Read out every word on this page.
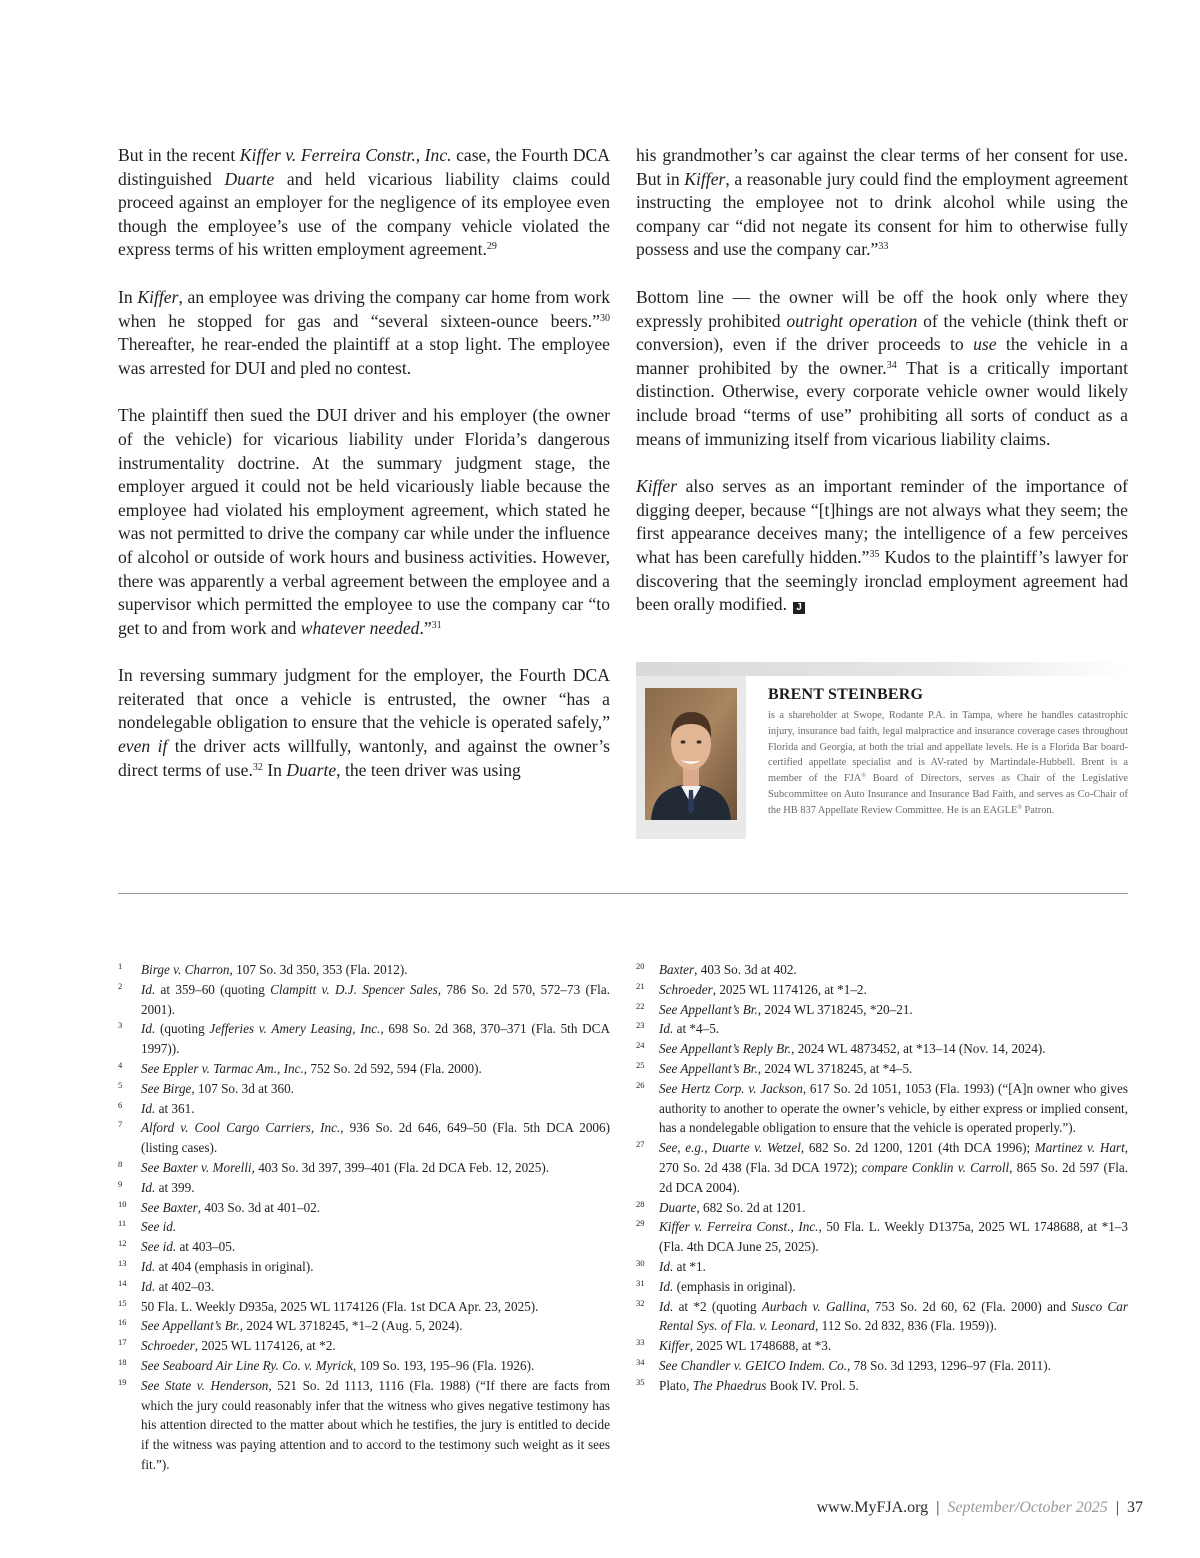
But in the recent Kiffer v. Ferreira Constr., Inc. case, the Fourth DCA distinguished Duarte and held vicarious liability claims could proceed against an employer for the negligence of its employee even though the employee’s use of the company vehicle violated the express terms of his written employment agreement.$^{29}$

In Kiffer, an employee was driving the company car home from work when he stopped for gas and “several sixteen-ounce beers.”$^{30}$ Thereafter, he rear-ended the plaintiff at a stop light. The employee was arrested for DUI and pled no contest.

The plaintiff then sued the DUI driver and his employer (the owner of the vehicle) for vicarious liability under Florida’s dangerous instrumentality doctrine. At the summary judgment stage, the employer argued it could not be held vicariously liable because the employee had violated his employment agreement, which stated he was not permitted to drive the company car while under the influence of alcohol or outside of work hours and business activities. However, there was apparently a verbal agreement between the employee and a supervisor which permitted the employee to use the company car “to get to and from work and whatever needed.”$^{31}$

In reversing summary judgment for the employer, the Fourth DCA reiterated that once a vehicle is entrusted, the owner “has a nondelegable obligation to ensure that the vehicle is operated safely,” even if the driver acts willfully, wantonly, and against the owner’s direct terms of use.$^{32}$ In Duarte, the teen driver was using

his grandmother’s car against the clear terms of her consent for use. But in Kiffer, a reasonable jury could find the employment agreement instructing the employee not to drink alcohol while using the company car “did not negate its consent for him to otherwise fully possess and use the company car.”$^{33}$

Bottom line — the owner will be off the hook only where they expressly prohibited outright operation of the vehicle (think theft or conversion), even if the driver proceeds to use the vehicle in a manner prohibited by the owner.$^{34}$ That is a critically important distinction. Otherwise, every corporate vehicle owner would likely include broad “terms of use” prohibiting all sorts of conduct as a means of immunizing itself from vicarious liability claims.

Kiffer also serves as an important reminder of the importance of digging deeper, because “[t]hings are not always what they seem; the first appearance deceives many; the intelligence of a few perceives what has been carefully hidden.”$^{35}$ Kudos to the plaintiff’s lawyer for discovering that the seemingly ironclad employment agreement had been orally modified. J

BRENT STEINBERG

is a shareholder at Swope, Rodante P.A. in Tampa, where he handles catastrophic injury, insurance bad faith, legal malpractice and insurance coverage cases throughout Florida and Georgia, at both the trial and appellate levels. He is a Florida Bar board-certified appellate specialist and is AV-rated by Martindale-Hubbell. Brent is a member of the FJA® Board of Directors, serves as Chair of the Legislative Subcommittee on Auto Insurance and Insurance Bad Faith, and serves as Co-Chair of the HB 837 Appellate Review Committee. He is an EAGLE® Patron.

1 Birge v. Charron, 107 So. 3d 350, 353 (Fla. 2012).
2 Id. at 359–60 (quoting Clampitt v. D.J. Spencer Sales, 786 So. 2d 570, 572–73 (Fla. 2001).
3 Id. (quoting Jefferies v. Amery Leasing, Inc., 698 So. 2d 368, 370–371 (Fla. 5th DCA 1997)).
4 See Eppler v. Tarmac Am., Inc., 752 So. 2d 592, 594 (Fla. 2000).
5 See Birge, 107 So. 3d at 360.
6 Id. at 361.
7 Alford v. Cool Cargo Carriers, Inc., 936 So. 2d 646, 649–50 (Fla. 5th DCA 2006) (listing cases).
8 See Baxter v. Morelli, 403 So. 3d 397, 399–401 (Fla. 2d DCA Feb. 12, 2025).
9 Id. at 399.
10 See Baxter, 403 So. 3d at 401–02.
11 See id.
12 See id. at 403–05.
13 Id. at 404 (emphasis in original).
14 Id. at 402–03.
15 50 Fla. L. Weekly D935a, 2025 WL 1174126 (Fla. 1st DCA Apr. 23, 2025).
16 See Appellant’s Br., 2024 WL 3718245, *1–2 (Aug. 5, 2024).
17 Schroeder, 2025 WL 1174126, at *2.
18 See Seaboard Air Line Ry. Co. v. Myrick, 109 So. 193, 195–96 (Fla. 1926).
19 See State v. Henderson, 521 So. 2d 1113, 1116 (Fla. 1988) (“If there are facts from which the jury could reasonably infer that the witness who gives negative testimony has his attention directed to the matter about which he testifies, the jury is entitled to decide if the witness was paying attention and to accord to the testimony such weight as it sees fit.”).
20 Baxter, 403 So. 3d at 402.
21 Schroeder, 2025 WL 1174126, at *1–2.
22 See Appellant’s Br., 2024 WL 3718245, *20–21.
23 Id. at *4–5.
24 See Appellant’s Reply Br., 2024 WL 4873452, at *13–14 (Nov. 14, 2024).
25 See Appellant’s Br., 2024 WL 3718245, at *4–5.
26 See Hertz Corp. v. Jackson, 617 So. 2d 1051, 1053 (Fla. 1993) (“[A]n owner who gives authority to another to operate the owner’s vehicle, by either express or implied consent, has a nondelegable obligation to ensure that the vehicle is operated properly.”).
27 See, e.g., Duarte v. Wetzel, 682 So. 2d 1200, 1201 (4th DCA 1996); Martinez v. Hart, 270 So. 2d 438 (Fla. 3d DCA 1972); compare Conklin v. Carroll, 865 So. 2d 597 (Fla. 2d DCA 2004).
28 Duarte, 682 So. 2d at 1201.
29 Kiffer v. Ferreira Const., Inc., 50 Fla. L. Weekly D1375a, 2025 WL 1748688, at *1–3 (Fla. 4th DCA June 25, 2025).
30 Id. at *1.
31 Id. (emphasis in original).
32 Id. at *2 (quoting Aurbach v. Gallina, 753 So. 2d 60, 62 (Fla. 2000) and Susco Car Rental Sys. of Fla. v. Leonard, 112 So. 2d 832, 836 (Fla. 1959)).
33 Kiffer, 2025 WL 1748688, at *3.
34 See Chandler v. GEICO Indem. Co., 78 So. 3d 1293, 1296–97 (Fla. 2011).
35 Plato, The Phaedrus Book IV. Prol. 5.
www.MyFJA.org | September/October 2025 | 37
